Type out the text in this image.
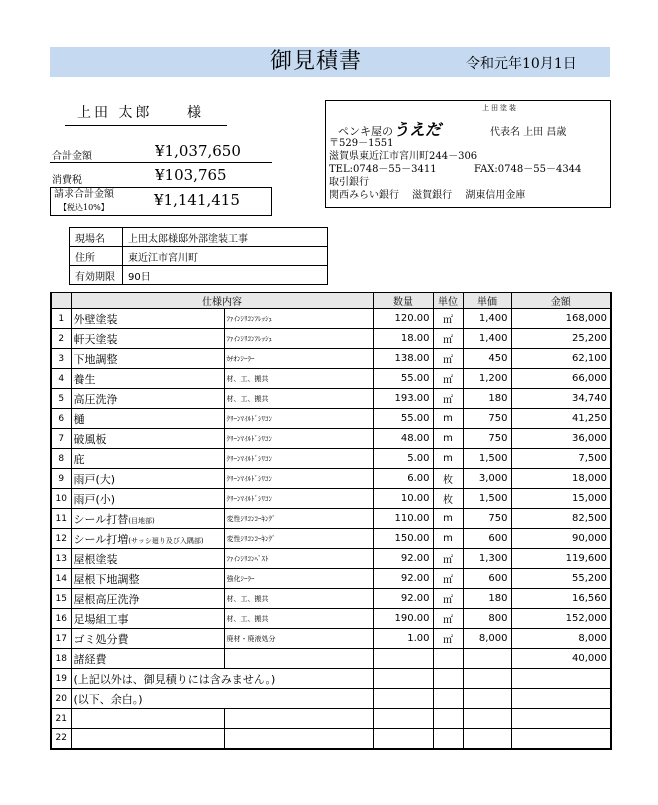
御見積書	令和元年10月1日
上田 太郎 様
合計金額	¥1,037,650
消費税	¥103,765
請求合計金額
【税込10%】	¥1,141,415
上田塗装
ペンキ屋のうえだ	代表名 上田 昌歳
〒529－1551
滋賀県東近江市宮川町244－306
TEL:0748－55－3411	FAX:0748－55－4344
取引銀行
関西みらい銀行　 滋賀銀行　 湖東信用金庫
現場名	上田太郎様邸外部塗装工事
住所	東近江市宮川町
有効期限	90日
	仕様内容		数量	単位	単価	金額
1	外壁塗装	ﾌｧｲﾝｼﾘｺﾝﾌﾚｯｼｭ	120.00	㎡	1,400	168,000
2	軒天塗装	ﾌｧｲﾝｼﾘｺﾝﾌﾚｯｼｭ	18.00	㎡	1,400	25,200
3	下地調整	ｶﾁｵﾝｼｰﾗｰ	138.00	㎡	450	62,100
4	養生	材、工、搬共	55.00	㎡	1,200	66,000
5	高圧洗浄	材、工、搬共	193.00	㎡	180	34,740
6	樋	ｸﾘｰﾝﾏｲﾙﾄﾞｼﾘｺﾝ	55.00	m	750	41,250
7	破風板	ｸﾘｰﾝﾏｲﾙﾄﾞｼﾘｺﾝ	48.00	m	750	36,000
8	庇	ｸﾘｰﾝﾏｲﾙﾄﾞｼﾘｺﾝ	5.00	m	1,500	7,500
9	雨戸(大)	ｸﾘｰﾝﾏｲﾙﾄﾞｼﾘｺﾝ	6.00	枚	3,000	18,000
10	雨戸(小)	ｸﾘｰﾝﾏｲﾙﾄﾞｼﾘｺﾝ	10.00	枚	1,500	15,000
11	シール打替(目地部)	変性ｼﾘｺﾝｺｰｷﾝｸﾞ	110.00	m	750	82,500
12	シール打増(サッシ廻り及び入隅部)	変性ｼﾘｺﾝｺｰｷﾝｸﾞ	150.00	m	600	90,000
13	屋根塗装	ﾌｧｲﾝｼﾘｺﾝﾍﾞｽﾄ	92.00	㎡	1,300	119,600
14	屋根下地調整	強化ｼｰﾗｰ	92.00	㎡	600	55,200
15	屋根高圧洗浄	材、工、搬共	92.00	㎡	180	16,560
16	足場組工事	材、工、搬共	190.00	㎡	800	152,000
17	ゴミ処分費	廃材・廃液処分	1.00	㎡	8,000	8,000
18	諸経費					40,000
19	(上記以外は、御見積りには含みません。)					
20	(以下、余白。)					
21						
22						
